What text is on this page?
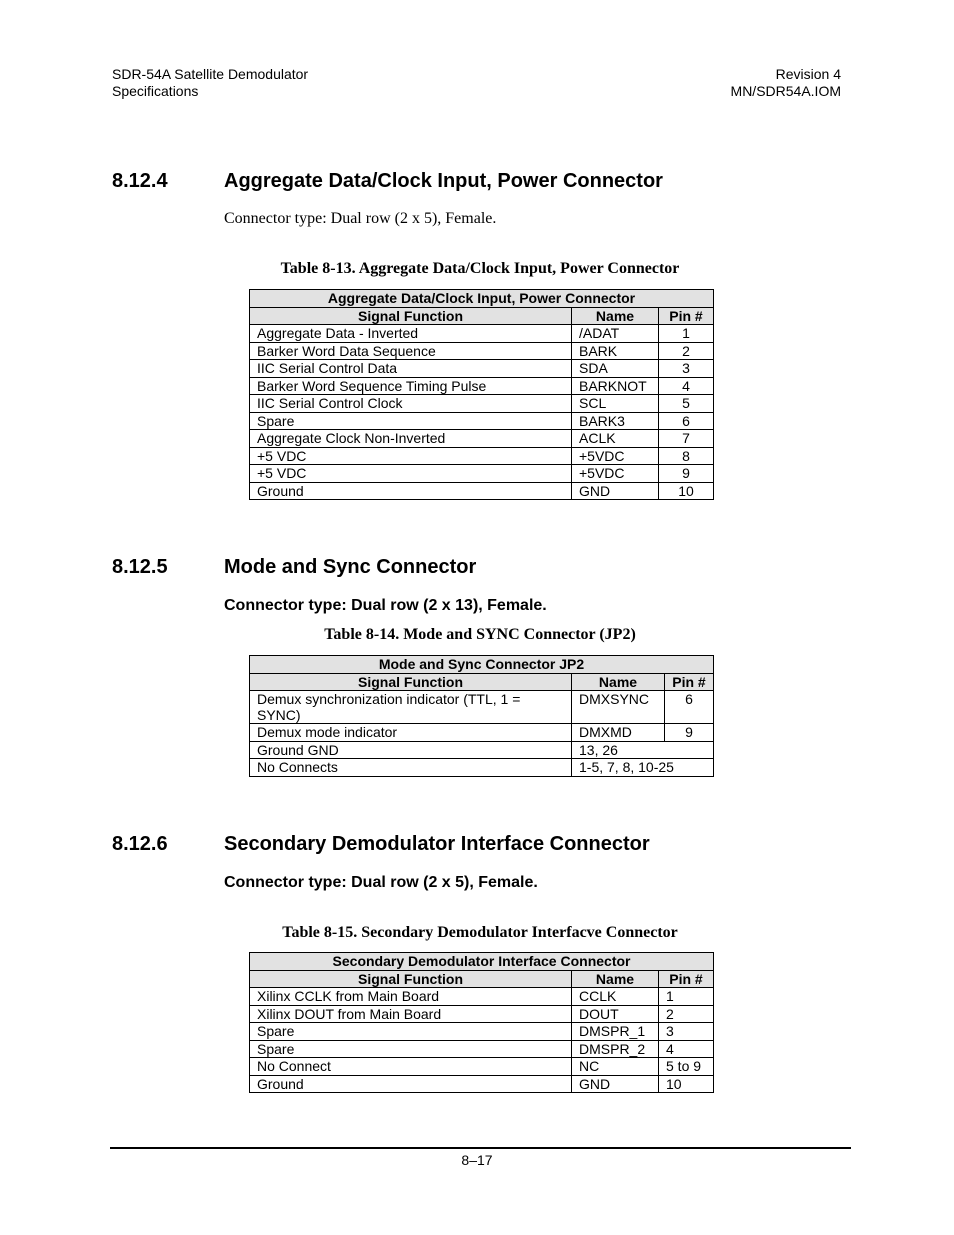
SDR-54A Satellite Demodulator
Specifications
Revision 4
MN/SDR54A.IOM
8.12.4	Aggregate Data/Clock Input, Power Connector
Connector type: Dual row (2 x 5), Female.
Table 8-13. Aggregate Data/Clock Input, Power Connector
Aggregate Data/Clock Input, Power Connector		
Signal Function	Name	Pin #
Aggregate Data - Inverted	/ADAT	1
Barker Word Data Sequence	BARK	2
IIC Serial Control Data	SDA	3
Barker Word Sequence Timing Pulse	BARKNOT	4
IIC Serial Control Clock	SCL	5
Spare	BARK3	6
Aggregate Clock Non-Inverted	ACLK	7
+5 VDC	+5VDC	8
+5 VDC	+5VDC	9
Ground	GND	10
8.12.5	Mode and Sync Connector
Connector type: Dual row (2 x 13), Female.
Table 8-14. Mode and SYNC Connector (JP2)
Mode and Sync Connector JP2		
Signal Function	Name	Pin #
Demux synchronization indicator (TTL, 1 = SYNC)	DMXSYNC	6
Demux mode indicator	DMXMD	9
Ground GND	13, 26	
No Connects	1-5, 7, 8, 10-25	
8.12.6	Secondary Demodulator Interface Connector
Connector type: Dual row (2 x 5), Female.
Table 8-15. Secondary Demodulator Interfacve Connector
Secondary Demodulator Interface Connector		
Signal Function	Name	Pin #
Xilinx CCLK from Main Board	CCLK	1
Xilinx DOUT from Main Board	DOUT	2
Spare	DMSPR_1	3
Spare	DMSPR_2	4
No Connect	NC	5 to 9
Ground	GND	10
8–17
